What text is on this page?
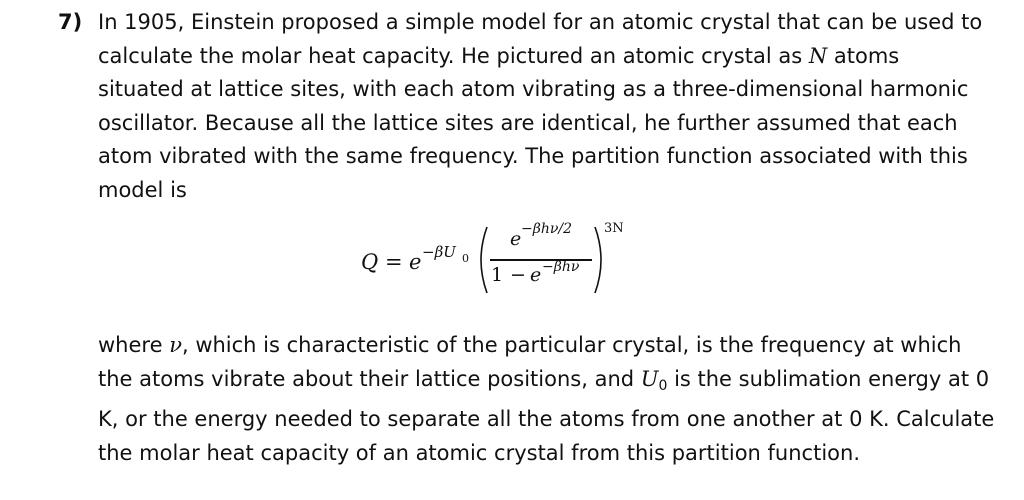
7) In 1905, Einstein proposed a simple model for an atomic crystal that can be used to calculate the molar heat capacity. He pictured an atomic crystal as N atoms situated at lattice sites, with each atom vibrating as a three-dimensional harmonic oscillator. Because all the lattice sites are identical, he further assumed that each atom vibrated with the same frequency. The partition function associated with this model is

Q = e −βU 0
e −βhν/2
1 − e −βhν
3N

where ν, which is characteristic of the particular crystal, is the frequency at which the atoms vibrate about their lattice positions, and $U_0$ is the sublimation energy at 0 K, or the energy needed to separate all the atoms from one another at 0 K. Calculate the molar heat capacity of an atomic crystal from this partition function.
